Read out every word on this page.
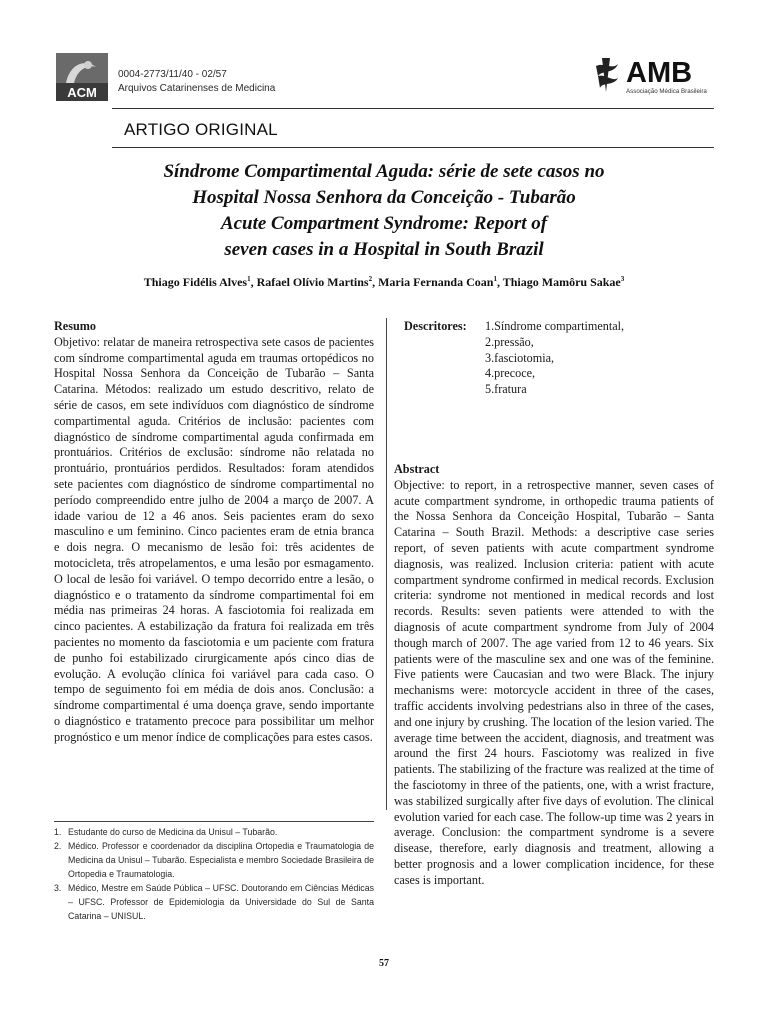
ACM
0004-2773/11/40 - 02/57
Arquivos Catarinenses de Medicina	AMB
Associação Médica Brasileira
ARTIGO ORIGINAL
Síndrome Compartimental Aguda: série de sete casos no
Hospital Nossa Senhora da Conceição - Tubarão
Acute Compartment Syndrome: Report of
seven cases in a Hospital in South Brazil
Thiago Fidélis Alves$^1$, Rafael Olívio Martins$^2$, Maria Fernanda Coan$^1$, Thiago Mamôru Sakae$^3$
Resumo
Objetivo: relatar de maneira retrospectiva sete casos de pacientes com síndrome compartimental aguda em traumas ortopédicos no Hospital Nossa Senhora da Conceição de Tubarão – Santa Catarina. Métodos: realizado um estudo descritivo, relato de série de casos, em sete indivíduos com diagnóstico de síndrome compartimental aguda. Critérios de inclusão: pacientes com diagnóstico de síndrome compartimental aguda confirmada em prontuários. Critérios de exclusão: síndrome não relatada no prontuário, prontuários perdidos. Resultados: foram atendidos sete pacientes com diagnóstico de síndrome compartimental no período compreendido entre julho de 2004 a março de 2007. A idade variou de 12 a 46 anos. Seis pacientes eram do sexo masculino e um feminino. Cinco pacientes eram de etnia branca e dois negra. O mecanismo de lesão foi: três acidentes de motocicleta, três atropelamentos, e uma lesão por esmagamento. O local de lesão foi variável. O tempo decorrido entre a lesão, o diagnóstico e o tratamento da síndrome compartimental foi em média nas primeiras 24 horas. A fasciotomia foi realizada em cinco pacientes. A estabilização da fratura foi realizada em três pacientes no momento da fasciotomia e um paciente com fratura de punho foi estabilizado cirurgicamente após cinco dias de evolução. A evolução clínica foi variável para cada caso. O tempo de seguimento foi em média de dois anos. Conclusão: a síndrome compartimental é uma doença grave, sendo importante o diagnóstico e tratamento precoce para possibilitar um melhor prognóstico e um menor índice de complicações para estes casos.
Descritores: 1.Síndrome compartimental,
2.pressão,
3.fasciotomia,
4.precoce,
5.fratura
Abstract
Objective: to report, in a retrospective manner, seven cases of acute compartment syndrome, in orthopedic trauma patients of the Nossa Senhora da Conceição Hospital, Tubarão – Santa Catarina – South Brazil. Methods: a descriptive case series report, of seven patients with acute compartment syndrome diagnosis, was realized. Inclusion criteria: patient with acute compartment syndrome confirmed in medical records. Exclusion criteria: syndrome not mentioned in medical records and lost records. Results: seven patients were attended to with the diagnosis of acute compartment syndrome from July of 2004 though march of 2007. The age varied from 12 to 46 years. Six patients were of the masculine sex and one was of the feminine. Five patients were Caucasian and two were Black. The injury mechanisms were: motorcycle accident in three of the cases, traffic accidents involving pedestrians also in three of the cases, and one injury by crushing. The location of the lesion varied. The average time between the accident, diagnosis, and treatment was around the first 24 hours. Fasciotomy was realized in five patients. The stabilizing of the fracture was realized at the time of the fasciotomy in three of the patients, one, with a wrist fracture, was stabilized surgically after five days of evolution. The clinical evolution varied for each case. The follow-up time was 2 years in average. Conclusion: the compartment syndrome is a severe disease, therefore, early diagnosis and treatment, allowing a better prognosis and a lower complication incidence, for these cases is important.
1. Estudante do curso de Medicina da Unisul – Tubarão.
2. Médico. Professor e coordenador da disciplina Ortopedia e Traumatologia de Medicina da Unisul – Tubarão. Especialista e membro Sociedade Brasileira de Ortopedia e Traumatologia.
3. Médico, Mestre em Saúde Pública – UFSC. Doutorando em Ciências Médicas – UFSC. Professor de Epidemiologia da Universidade do Sul de Santa Catarina – UNISUL.
57
